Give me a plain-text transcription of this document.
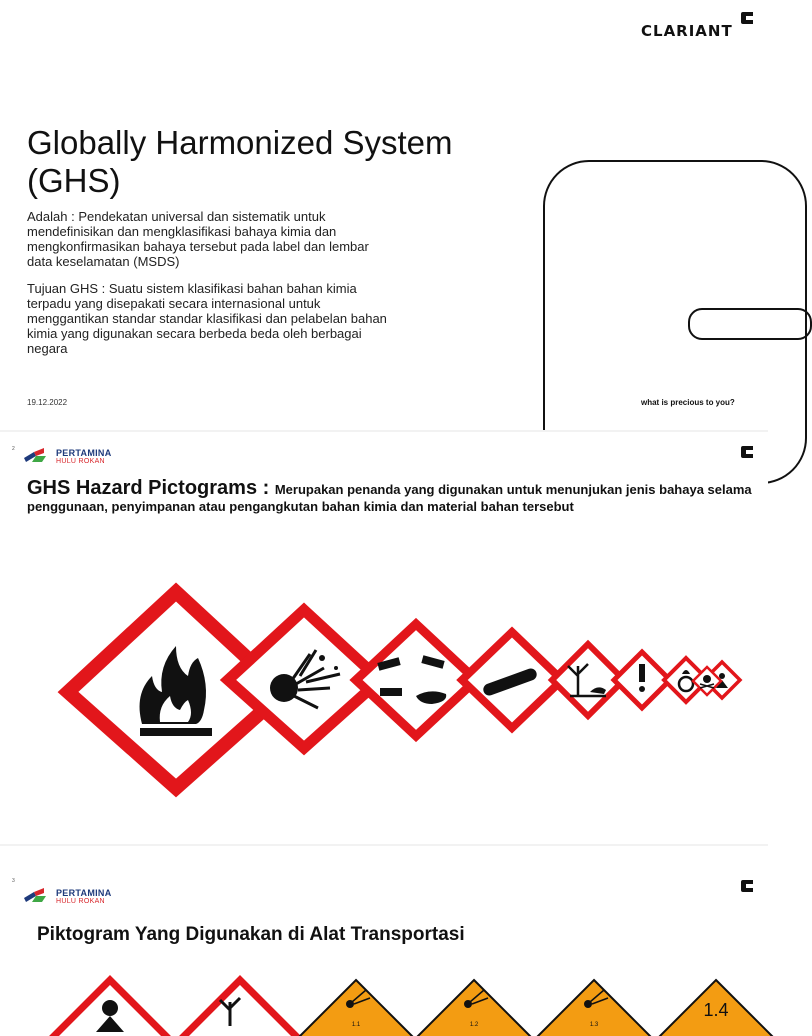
CLARIANT
Globally Harmonized System (GHS)

Adalah : Pendekatan universal dan sistematik untuk mendefinisikan dan mengklasifikasi bahaya kimia dan mengkonfirmasikan bahaya tersebut pada label dan lembar data keselamatan (MSDS)

Tujuan GHS : Suatu sistem klasifikasi bahan bahan kimia terpadu yang disepakati secara internasional untuk menggantikan standar standar klasifikasi dan pelabelan bahan kimia yang digunakan secara berbeda beda oleh berbagai negara

19.12.2022	what is precious to you?
2	PERTAMINA
HULU ROKAN

GHS Hazard Pictograms : Merupakan penanda yang digunakan untuk menunjukan jenis bahaya selama penggunaan, penyimpanan atau pengangkutan bahan kimia dan material bahan tersebut

3
PERTAMINA
HULU ROKAN
Piktogram Yang Digunakan di Alat Transportasi
1.1	1.2	1.3
1.4
